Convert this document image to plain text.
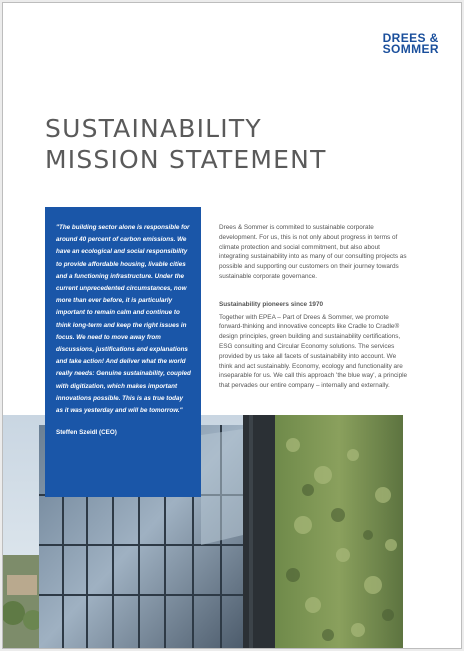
DREES &
SOMMER
SUSTAINABILITY
MISSION STATEMENT

Drees & Sommer is commited to sustainable corporate development. For us, this is not only about progress in terms of climate protection and social commitment, but also about integrating sustainability into as many of our consulting projects as possible and supporting our customers on their journey towards sustainable corporate governance.

Sustainability pioneers since 1970

Together with EPEA – Part of Drees & Sommer, we promote forward-thinking and innovative concepts like Cradle to Cradle® design principles, green building and sustainability certifications, ESG consulting and Circular Economy solutions. The services provided by us take all facets of sustainability into account. We think and act sustainably. Economy, ecology and functionality are inseparable for us. We call this approach 'the blue way', a principle that pervades our entire company – internally and externally.

"The building sector alone is responsible for around 40 percent of carbon emissions. We have an ecological and social responsibility to provide affordable housing, livable cities and a functioning infrastructure. Under the current unprecedented circumstances, now more than ever before, it is particularly important to remain calm and continue to think long-term and keep the right issues in focus. We need to move away from discussions, justifications and explanations and take action! And deliver what the world really needs: Genuine sustainability, coupled with digitization, which makes important innovations possible. This is as true today as it was yesterday and will be tomorrow."

Steffen Szeidl (CEO)
